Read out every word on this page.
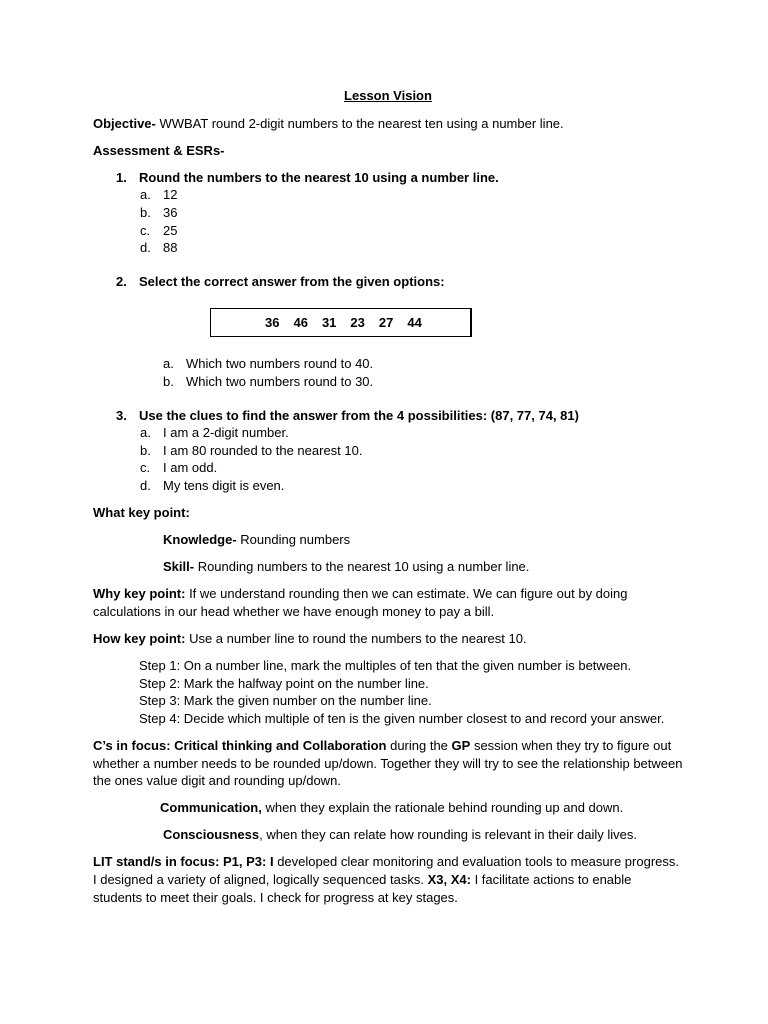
Lesson Vision

Objective- WWBAT round 2-digit numbers to the nearest ten using a number line.

Assessment & ESRs-

1. Round the numbers to the nearest 10 using a number line.

a. 12

b. 36

c. 25

d. 88

2. Select the correct answer from the given options:

36 46 31 23 27 44

a. Which two numbers round to 40.

b. Which two numbers round to 30.

3. Use the clues to find the answer from the 4 possibilities: (87, 77, 74, 81)

a. I am a 2-digit number.

b. I am 80 rounded to the nearest 10.

c. I am odd.

d. My tens digit is even.

What key point:

Knowledge- Rounding numbers

Skill- Rounding numbers to the nearest 10 using a number line.

Why key point: If we understand rounding then we can estimate. We can figure out by doing calculations in our head whether we have enough money to pay a bill.

How key point: Use a number line to round the numbers to the nearest 10.

Step 1: On a number line, mark the multiples of ten that the given number is between.

Step 2: Mark the halfway point on the number line.

Step 3: Mark the given number on the number line.

Step 4: Decide which multiple of ten is the given number closest to and record your answer.

C’s in focus: Critical thinking and Collaboration during the GP session when they try to figure out whether a number needs to be rounded up/down. Together they will try to see the relationship between the ones value digit and rounding up/down.

Communication, when they explain the rationale behind rounding up and down.

Consciousness, when they can relate how rounding is relevant in their daily lives.

LIT stand/s in focus: P1, P3: I developed clear monitoring and evaluation tools to measure progress. I designed a variety of aligned, logically sequenced tasks. X3, X4: I facilitate actions to enable students to meet their goals. I check for progress at key stages.
